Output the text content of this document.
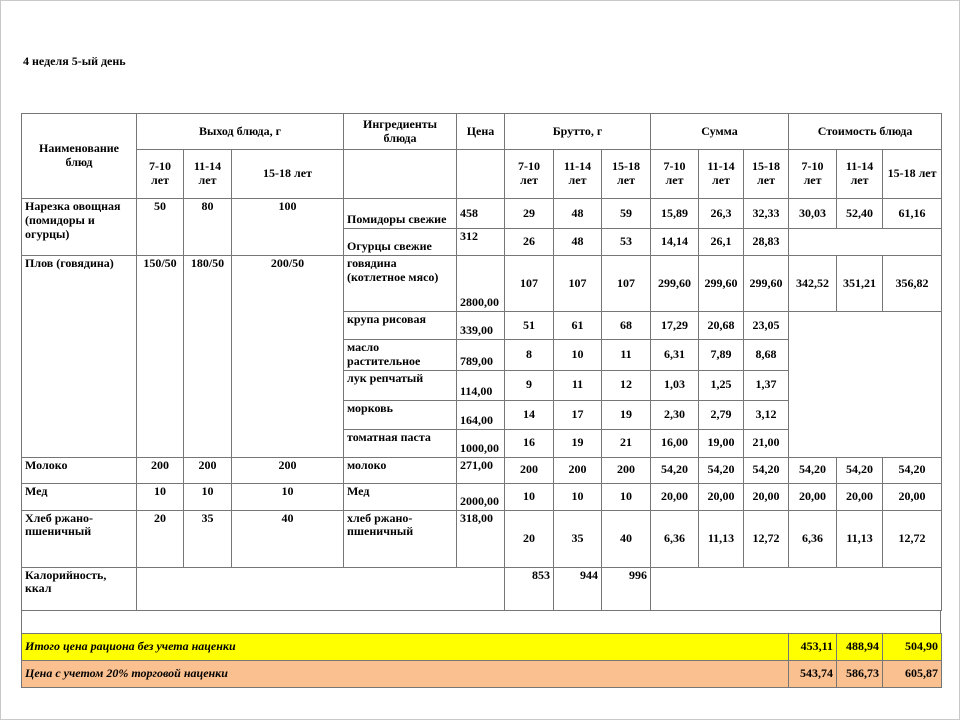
4 неделя 5-ый день
Наименование блюд	Выход блюда, г			Ингредиенты блюда	Цена	Брутто, г			Сумма			Стоимость блюда		
	7-10 лет	11-14 лет	15-18 лет			7-10 лет	11-14 лет	15-18 лет	7-10 лет	11-14 лет	15-18 лет	7-10 лет	11-14 лет	15-18 лет
Нарезка овощная (помидоры и огурцы)	50	80	100	Помидоры свежие	458	29	48	59	15,89	26,3	32,33	30,03	52,40	61,16
				Огурцы свежие	312	26	48	53	14,14	26,1	28,83			
Плов (говядина)	150/50	180/50	200/50	говядина (котлетное мясо)	2800,00	107	107	107	299,60	299,60	299,60	342,52	351,21	356,82
				крупа рисовая	339,00	51	61	68	17,29	20,68	23,05			
				масло растительное	789,00	8	10	11	6,31	7,89	8,68			
				лук репчатый	114,00	9	11	12	1,03	1,25	1,37			
				морковь	164,00	14	17	19	2,30	2,79	3,12			
				томатная паста	1000,00	16	19	21	16,00	19,00	21,00			
Молоко	200	200	200	молоко	271,00	200	200	200	54,20	54,20	54,20	54,20	54,20	54,20
Мед	10	10	10	Мед	2000,00	10	10	10	20,00	20,00	20,00	20,00	20,00	20,00
Хлеб ржано-пшеничный	20	35	40	хлеб ржано-пшеничный	318,00	20	35	40	6,36	11,13	12,72	6,36	11,13	12,72
Калорийность, ккал						853	944	996						
Итого цена рациона без учета наценки	453,11	488,94	504,90
Цена с учетом 20% торговой наценки	543,74	586,73	605,87
